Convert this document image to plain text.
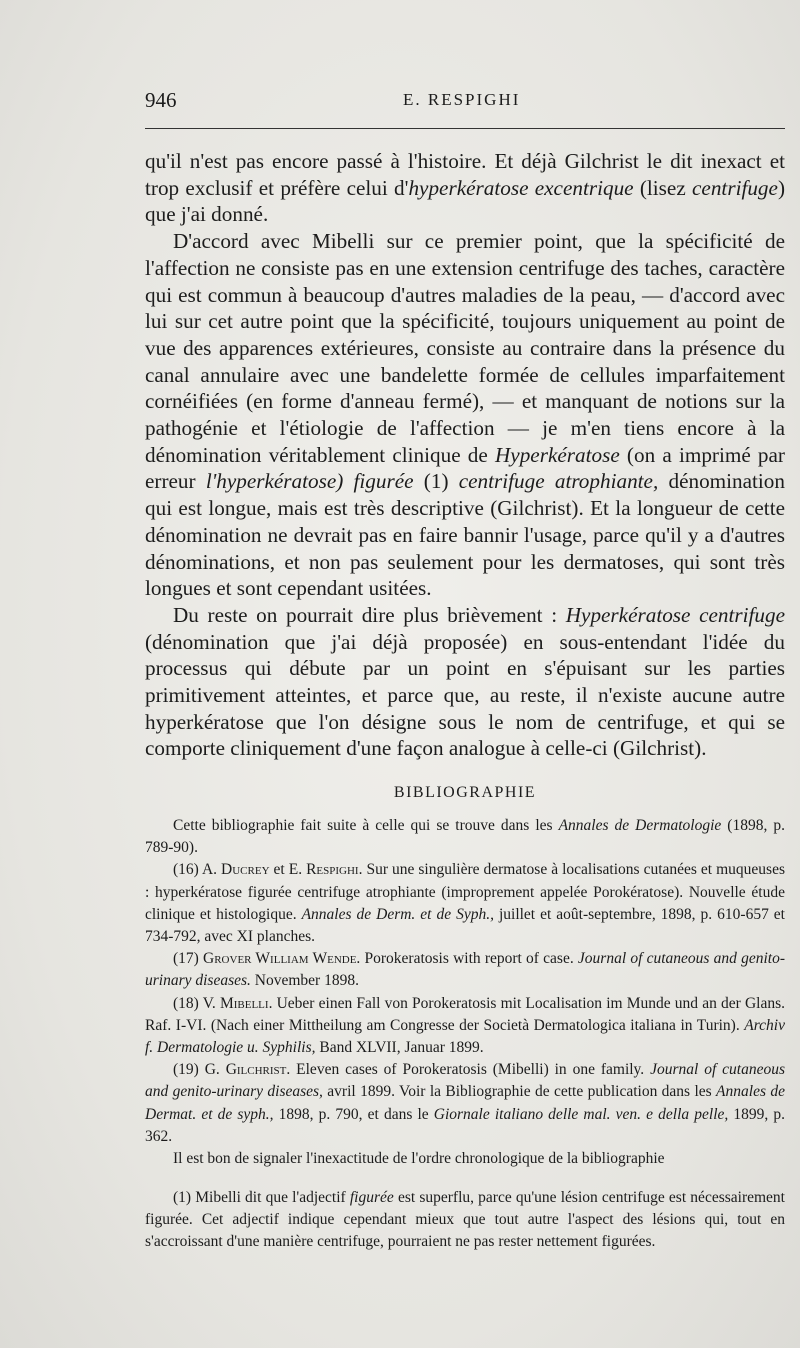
946	E. RESPIGHI

qu'il n'est pas encore passé à l'histoire. Et déjà Gilchrist le dit inexact et trop exclusif et préfère celui d'hyperkératose excentrique (lisez centrifuge) que j'ai donné.

D'accord avec Mibelli sur ce premier point, que la spécificité de l'affection ne consiste pas en une extension centrifuge des taches, caractère qui est commun à beaucoup d'autres maladies de la peau, — d'accord avec lui sur cet autre point que la spécificité, toujours uniquement au point de vue des apparences extérieures, consiste au contraire dans la présence du canal annulaire avec une bandelette formée de cellules imparfaitement cornéifiées (en forme d'anneau fermé), — et manquant de notions sur la pathogénie et l'étiologie de l'affection — je m'en tiens encore à la dénomination véritablement clinique de Hyperkératose (on a imprimé par erreur l'hyperkératose) figurée (1) centrifuge atrophiante, dénomination qui est longue, mais est très descriptive (Gilchrist). Et la longueur de cette dénomination ne devrait pas en faire bannir l'usage, parce qu'il y a d'autres dénominations, et non pas seulement pour les dermatoses, qui sont très longues et sont cependant usitées.

Du reste on pourrait dire plus brièvement : Hyperkératose centrifuge (dénomination que j'ai déjà proposée) en sous-entendant l'idée du processus qui débute par un point en s'épuisant sur les parties primitivement atteintes, et parce que, au reste, il n'existe aucune autre hyperkératose que l'on désigne sous le nom de centrifuge, et qui se comporte cliniquement d'une façon analogue à celle-ci (Gilchrist).

BIBLIOGRAPHIE

Cette bibliographie fait suite à celle qui se trouve dans les Annales de Dermatologie (1898, p. 789-90).

(16) A. Ducrey et E. Respighi. Sur une singulière dermatose à localisations cutanées et muqueuses : hyperkératose figurée centrifuge atrophiante (improprement appelée Porokératose). Nouvelle étude clinique et histologique. Annales de Derm. et de Syph., juillet et août-septembre, 1898, p. 610-657 et 734-792, avec XI planches.

(17) Grover William Wende. Porokeratosis with report of case. Journal of cutaneous and genito-urinary diseases. November 1898.

(18) V. Mibelli. Ueber einen Fall von Porokeratosis mit Localisation im Munde und an der Glans. Raf. I-VI. (Nach einer Mittheilung am Congresse der Società Dermatologica italiana in Turin). Archiv f. Dermatologie u. Syphilis, Band XLVII, Januar 1899.

(19) G. Gilchrist. Eleven cases of Porokeratosis (Mibelli) in one family. Journal of cutaneous and genito-urinary diseases, avril 1899. Voir la Bibliographie de cette publication dans les Annales de Dermat. et de syph., 1898, p. 790, et dans le Giornale italiano delle mal. ven. e della pelle, 1899, p. 362.

Il est bon de signaler l'inexactitude de l'ordre chronologique de la bibliographie

(1) Mibelli dit que l'adjectif figurée est superflu, parce qu'une lésion centrifuge est nécessairement figurée. Cet adjectif indique cependant mieux que tout autre l'aspect des lésions qui, tout en s'accroissant d'une manière centrifuge, pourraient ne pas rester nettement figurées.
